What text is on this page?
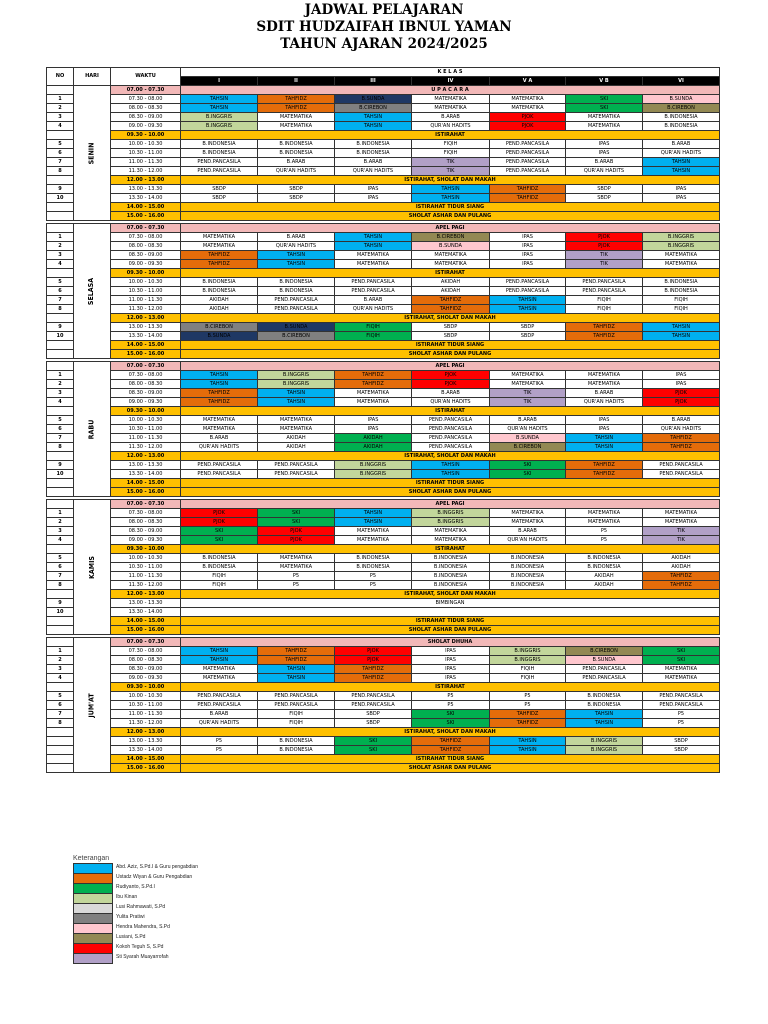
JADWAL PELAJARAN
SDIT HUDZAIFAH IBNUL YAMAN
TAHUN AJARAN 2024/2025
NO	HARI	WAKTU	K E L A S						
			I	II	III	IV	V A	V B	VI
	SENIN	07.00 - 07.30	U P A C A R A						
1		07.30 - 08.00	TAHSIN	TAHFIDZ	B.SUNDA	MATEMATIKA	MATEMATIKA	SKI	B.SUNDA
2		08.00 - 08.30	TAHSIN	TAHFIDZ	B.CIREBON	MATEMATIKA	MATEMATIKA	SKI	B.CIREBON
3		08.30 - 09.00	B.INGGRIS	MATEMATIKA	TAHSIN	B.ARAB	PJOK	MATEMATIKA	B.INDONESIA
4		09.00 - 09.30	B.INGGRIS	MATEMATIKA	TAHSIN	QUR'AN HADITS	PJOK	MATEMATIKA	B.INDONESIA
		09.30 - 10.00	ISTIRAHAT						
5		10.00 - 10.30	B.INDONESIA	B.INDONESIA	B.INDONESIA	FIQIH	PEND.PANCASILA	IPAS	B.ARAB
6		10.30 - 11.00	B.INDONESIA	B.INDONESIA	B.INDONESIA	FIQIH	PEND.PANCASILA	IPAS	QUR'AN HADITS
7		11.00 - 11.30	PEND.PANCASILA	B.ARAB	B.ARAB	TIK	PEND.PANCASILA	B.ARAB	TAHSIN
8		11.30 - 12.00	PEND.PANCASILA	QUR'AN HADITS	QUR'AN HADITS	TIK	PEND.PANCASILA	QUR'AN HADITS	TAHSIN
		12.00 - 13.00	ISTIRAHAT, SHOLAT DAN MAKAH						
9		13.00 - 13.30	SBDP	SBDP	IPAS	TAHSIN	TAHFIDZ	SBDP	IPAS
10		13.30 - 14.00	SBDP	SBDP	IPAS	TAHSIN	TAHFIDZ	SBDP	IPAS
		14.00 - 15.00	ISTIRAHAT TIDUR SIANG						
		15.00 - 16.00	SHOLAT ASHAR DAN PULANG						

	SELASA	07.00 - 07.30	APEL PAGI						
1		07.30 - 08.00	MATEMATIKA	B.ARAB	TAHSIN	B.CIREBON	IPAS	PJOK	B.INGGRIS
2		08.00 - 08.30	MATEMATIKA	QUR'AN HADITS	TAHSIN	B.SUNDA	IPAS	PJOK	B.INGGRIS
3		08.30 - 09.00	TAHFIDZ	TAHSIN	MATEMATIKA	MATEMATIKA	IPAS	TIK	MATEMATIKA
4		09.00 - 09.30	TAHFIDZ	TAHSIN	MATEMATIKA	MATEMATIKA	IPAS	TIK	MATEMATIKA
		09.30 - 10.00	ISTIRAHAT						
5		10.00 - 10.30	B.INDONESIA	B.INDONESIA	PEND.PANCASILA	AKIDAH	PEND.PANCASILA	PEND.PANCASILA	B.INDONESIA
6		10.30 - 11.00	B.INDONESIA	B.INDONESIA	PEND.PANCASILA	AKIDAH	PEND.PANCASILA	PEND.PANCASILA	B.INDONESIA
7		11.00 - 11.30	AKIDAH	PEND.PANCASILA	B.ARAB	TAHFIDZ	TAHSIN	FIQIH	FIQIH
8		11.30 - 12.00	AKIDAH	PEND.PANCASILA	QUR'AN HADITS	TAHFIDZ	TAHSIN	FIQIH	FIQIH
		12.00 - 13.00	ISTIRAHAT, SHOLAT DAN MAKAH						
9		13.00 - 13.30	B.CIREBON	B.SUNDA	FIQIH	SBDP	SBDP	TAHFIDZ	TAHSIN
10		13.30 - 14.00	B.SUNDA	B.CIREBON	FIQIH	SBDP	SBDP	TAHFIDZ	TAHSIN
		14.00 - 15.00	ISTIRAHAT TIDUR SIANG						
		15.00 - 16.00	SHOLAT ASHAR DAN PULANG						

	RABU	07.00 - 07.30	APEL PAGI						
1		07.30 - 08.00	TAHSIN	B.INGGRIS	TAHFIDZ	PJOK	MATEMATIKA	MATEMATIKA	IPAS
2		08.00 - 08.30	TAHSIN	B.INGGRIS	TAHFIDZ	PJOK	MATEMATIKA	MATEMATIKA	IPAS
3		08.30 - 09.00	TAHFIDZ	TAHSIN	MATEMATIKA	B.ARAB	TIK	B.ARAB	PJOK
4		09.00 - 09.30	TAHFIDZ	TAHSIN	MATEMATIKA	QUR'AN HADITS	TIK	QUR'AN HADITS	PJOK
		09.30 - 10.00	ISTIRAHAT						
5		10.00 - 10.30	MATEMATIKA	MATEMATIKA	IPAS	PEND.PANCASILA	B.ARAB	IPAS	B.ARAB
6		10.30 - 11.00	MATEMATIKA	MATEMATIKA	IPAS	PEND.PANCASILA	QUR'AN HADITS	IPAS	QUR'AN HADITS
7		11.00 - 11.30	B.ARAB	AKIDAH	AKIDAH	PEND.PANCASILA	B.SUNDA	TAHSIN	TAHFIDZ
8		11.30 - 12.00	QUR'AN HADITS	AKIDAH	AKIDAH	PEND.PANCASILA	B.CIREBON	TAHSIN	TAHFIDZ
		12.00 - 13.00	ISTIRAHAT, SHOLAT DAN MAKAH						
9		13.00 - 13.30	PEND.PANCASILA	PEND.PANCASILA	B.INGGRIS	TAHSIN	SKI	TAHFIDZ	PEND.PANCASILA
10		13.30 - 14.00	PEND.PANCASILA	PEND.PANCASILA	B.INGGRIS	TAHSIN	SKI	TAHFIDZ	PEND.PANCASILA
		14.00 - 15.00	ISTIRAHAT TIDUR SIANG						
		15.00 - 16.00	SHOLAT ASHAR DAN PULANG						

	KAMIS	07.00 - 07.30	APEL PAGI						
1		07.30 - 08.00	PJOK	SKI	TAHSIN	B.INGGRIS	MATEMATIKA	MATEMATIKA	MATEMATIKA
2		08.00 - 08.30	PJOK	SKI	TAHSIN	B.INGGRIS	MATEMATIKA	MATEMATIKA	MATEMATIKA
3		08.30 - 09.00	SKI	PJOK	MATEMATIKA	MATEMATIKA	B.ARAB	P5	TIK
4		09.00 - 09.30	SKI	PJOK	MATEMATIKA	MATEMATIKA	QUR'AN HADITS	P5	TIK
		09.30 - 10.00	ISTIRAHAT						
5		10.00 - 10.30	B.INDONESIA	MATEMATIKA	B.INDONESIA	B.INDONESIA	B.INDONESIA	B.INDONESIA	AKIDAH
6		10.30 - 11.00	B.INDONESIA	MATEMATIKA	B.INDONESIA	B.INDONESIA	B.INDONESIA	B.INDONESIA	AKIDAH
7		11.00 - 11.30	FIQIH	P5	P5	B.INDONESIA	B.INDONESIA	AKIDAH	TAHFIDZ
8		11.30 - 12.00	FIQIH	P5	P5	B.INDONESIA	B.INDONESIA	AKIDAH	TAHFIDZ
		12.00 - 13.00	ISTIRAHAT, SHOLAT DAN MAKAH						
9		13.00 - 13.30	BIMBINGAN						
10		13.30 - 14.00							
		14.00 - 15.00	ISTIRAHAT TIDUR SIANG						
		15.00 - 16.00	SHOLAT ASHAR DAN PULANG						

	JUM'AT	07.00 - 07.30	SHOLAT DHUHA						
1		07.30 - 08.00	TAHSIN	TAHFIDZ	PJOK	IPAS	B.INGGRIS	B.CIREBON	SKI
2		08.00 - 08.30	TAHSIN	TAHFIDZ	PJOK	IPAS	B.INGGRIS	B.SUNDA	SKI
3		08.30 - 09.00	MATEMATIKA	TAHSIN	TAHFIDZ	IPAS	FIQIH	PEND.PANCASILA	MATEMATIKA
4		09.00 - 09.30	MATEMATIKA	TAHSIN	TAHFIDZ	IPAS	FIQIH	PEND.PANCASILA	MATEMATIKA
		09.30 - 10.00	ISTIRAHAT						
5		10.00 - 10.30	PEND.PANCASILA	PEND.PANCASILA	PEND.PANCASILA	P5	P5	B.INDONESIA	PEND.PANCASILA
6		10.30 - 11.00	PEND.PANCASILA	PEND.PANCASILA	PEND.PANCASILA	P5	P5	B.INDONESIA	PEND.PANCASILA
7		11.00 - 11.30	B.ARAB	FIQIH	SBDP	SKI	TAHFIDZ	TAHSIN	P5
8		11.30 - 12.00	QUR'AN HADITS	FIQIH	SBDP	SKI	TAHFIDZ	TAHSIN	P5
		12.00 - 13.00	ISTIRAHAT, SHOLAT DAN MAKAH						
		13.00 - 13.30	P5	B.INDONESIA	SKI	TAHFIDZ	TAHSIN	B.INGGRIS	SBDP
		13.30 - 14.00	P5	B.INDONESIA	SKI	TAHFIDZ	TAHSIN	B.INGGRIS	SBDP
		14.00 - 15.00	ISTIRAHAT TIDUR SIANG						
		15.00 - 16.00	SHOLAT ASHAR DAN PULANG						
Keterangan
Abd. Aziz, S.Pd.I & Guru pengabdian
Ustadz Wiyan & Guru Pengabdian
Rudiyanto, S.Pd.I
Ibu Kinan
Lusi Rahmawati, S.Pd
Yulita Pratiwi
Hendra Mahendra, S.Pd
Lusiani, S.Pd
Kokoh Teguh S, S.Pd
Sti Syarah Muayarrofah
